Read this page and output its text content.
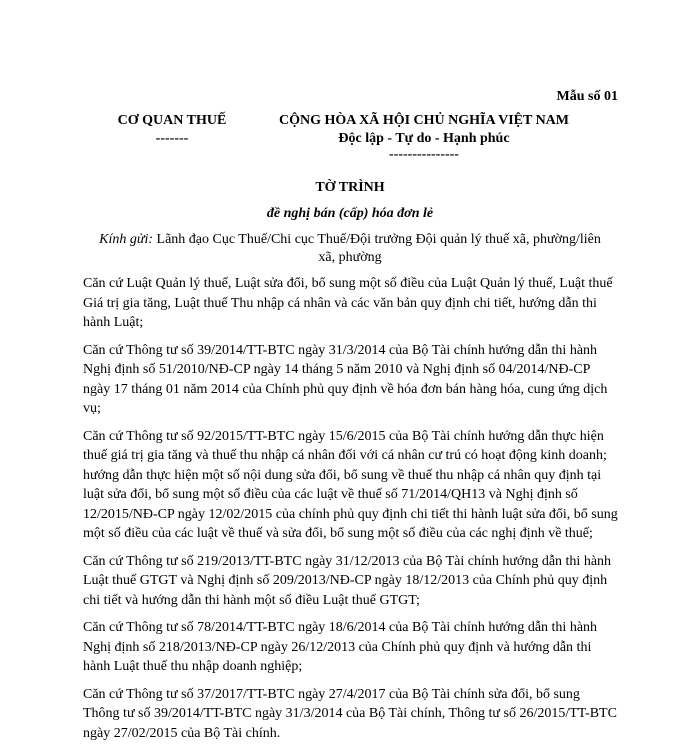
Mẫu số 01
CƠ QUAN THUẾ
-------
CỘNG HÒA XÃ HỘI CHỦ NGHĨA VIỆT NAM
Độc lập - Tự do - Hạnh phúc
---------------
TỜ TRÌNH
đề nghị bán (cấp) hóa đơn lẻ
Kính gửi: Lãnh đạo Cục Thuế/Chi cục Thuế/Đội trưởng Đội quản lý thuế xã, phường/liên xã, phường

Căn cứ Luật Quản lý thuế, Luật sửa đổi, bổ sung một số điều của Luật Quản lý thuế, Luật thuế Giá trị gia tăng, Luật thuế Thu nhập cá nhân và các văn bản quy định chi tiết, hướng dẫn thi hành Luật;

Căn cứ Thông tư số 39/2014/TT-BTC ngày 31/3/2014 của Bộ Tài chính hướng dẫn thi hành Nghị định số 51/2010/NĐ-CP ngày 14 tháng 5 năm 2010 và Nghị định số 04/2014/NĐ-CP ngày 17 tháng 01 năm 2014 của Chính phủ quy định về hóa đơn bán hàng hóa, cung ứng dịch vụ;

Căn cứ Thông tư số 92/2015/TT-BTC ngày 15/6/2015 của Bộ Tài chính hướng dẫn thực hiện thuế giá trị gia tăng và thuế thu nhập cá nhân đối với cá nhân cư trú có hoạt động kinh doanh; hướng dẫn thực hiện một số nội dung sửa đổi, bổ sung về thuế thu nhập cá nhân quy định tại luật sửa đổi, bổ sung một số điều của các luật về thuế số 71/2014/QH13 và Nghị định số 12/2015/NĐ-CP ngày 12/02/2015 của chính phủ quy định chi tiết thi hành luật sửa đổi, bổ sung một số điều của các luật về thuế và sửa đổi, bổ sung một số điều của các nghị định về thuế;

Căn cứ Thông tư số 219/2013/TT-BTC ngày 31/12/2013 của Bộ Tài chính hướng dẫn thi hành Luật thuế GTGT và Nghị định số 209/2013/NĐ-CP ngày 18/12/2013 của Chính phủ quy định chi tiết và hướng dẫn thi hành một số điều Luật thuế GTGT;

Căn cứ Thông tư số 78/2014/TT-BTC ngày 18/6/2014 của Bộ Tài chính hướng dẫn thi hành Nghị định số 218/2013/NĐ-CP ngày 26/12/2013 của Chính phủ quy định và hướng dẫn thi hành Luật thuế thu nhập doanh nghiệp;

Căn cứ Thông tư số 37/2017/TT-BTC ngày 27/4/2017 của Bộ Tài chính sửa đổi, bổ sung Thông tư số 39/2014/TT-BTC ngày 31/3/2014 của Bộ Tài chính, Thông tư số 26/2015/TT-BTC ngày 27/02/2015 của Bộ Tài chính.
